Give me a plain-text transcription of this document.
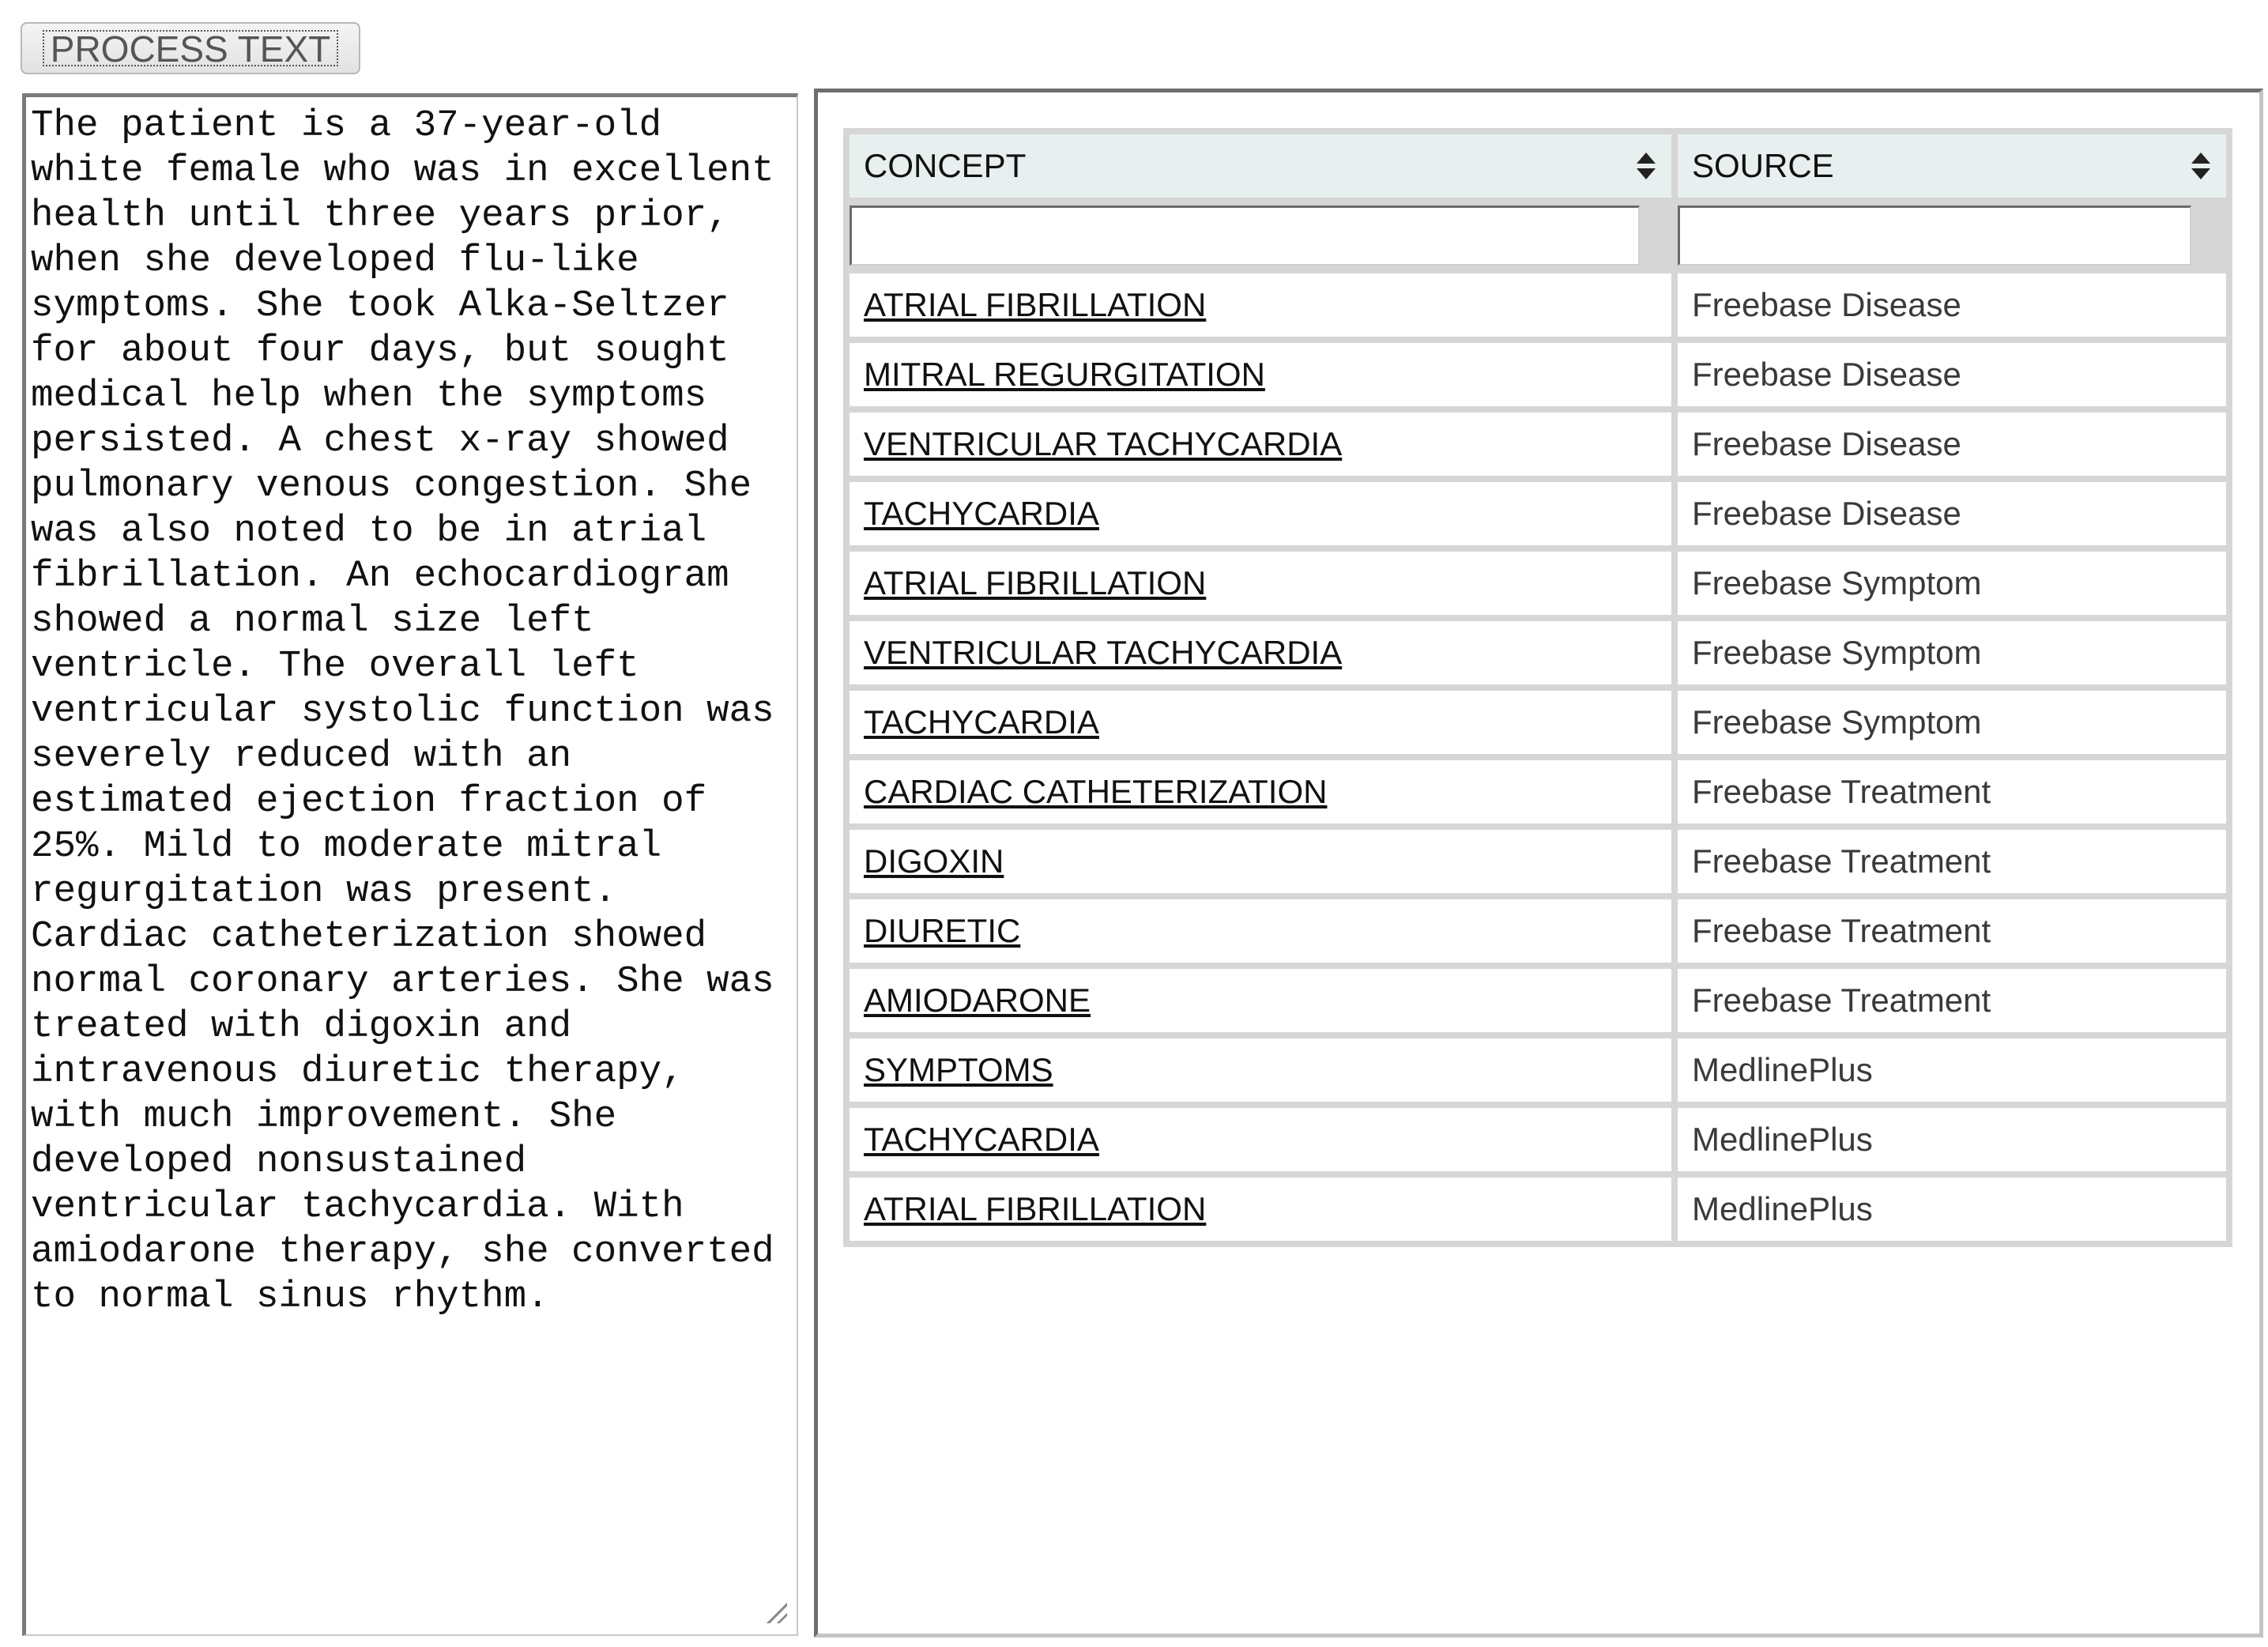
PROCESS TEXT
The patient is a 37-year-old white female who was in excellent health until three years prior, when she developed flu-like symptoms. She took Alka-Seltzer for about four days, but sought medical help when the symptoms persisted. A chest x-ray showed pulmonary venous congestion. She was also noted to be in atrial fibrillation. An echocardiogram showed a normal size left ventricle. The overall left ventricular systolic function was severely reduced with an estimated ejection fraction of 25%. Mild to moderate mitral regurgitation was present. Cardiac catheterization showed normal coronary arteries. She was treated with digoxin and intravenous diuretic therapy, with much improvement. She developed nonsustained ventricular tachycardia. With amiodarone therapy, she converted to normal sinus rhythm.
CONCEPT	SOURCE

ATRIAL FIBRILLATION	Freebase Disease
MITRAL REGURGITATION	Freebase Disease
VENTRICULAR TACHYCARDIA	Freebase Disease
TACHYCARDIA	Freebase Disease
ATRIAL FIBRILLATION	Freebase Symptom
VENTRICULAR TACHYCARDIA	Freebase Symptom
TACHYCARDIA	Freebase Symptom
CARDIAC CATHETERIZATION	Freebase Treatment
DIGOXIN	Freebase Treatment
DIURETIC	Freebase Treatment
AMIODARONE	Freebase Treatment
SYMPTOMS	MedlinePlus
TACHYCARDIA	MedlinePlus
ATRIAL FIBRILLATION	MedlinePlus
